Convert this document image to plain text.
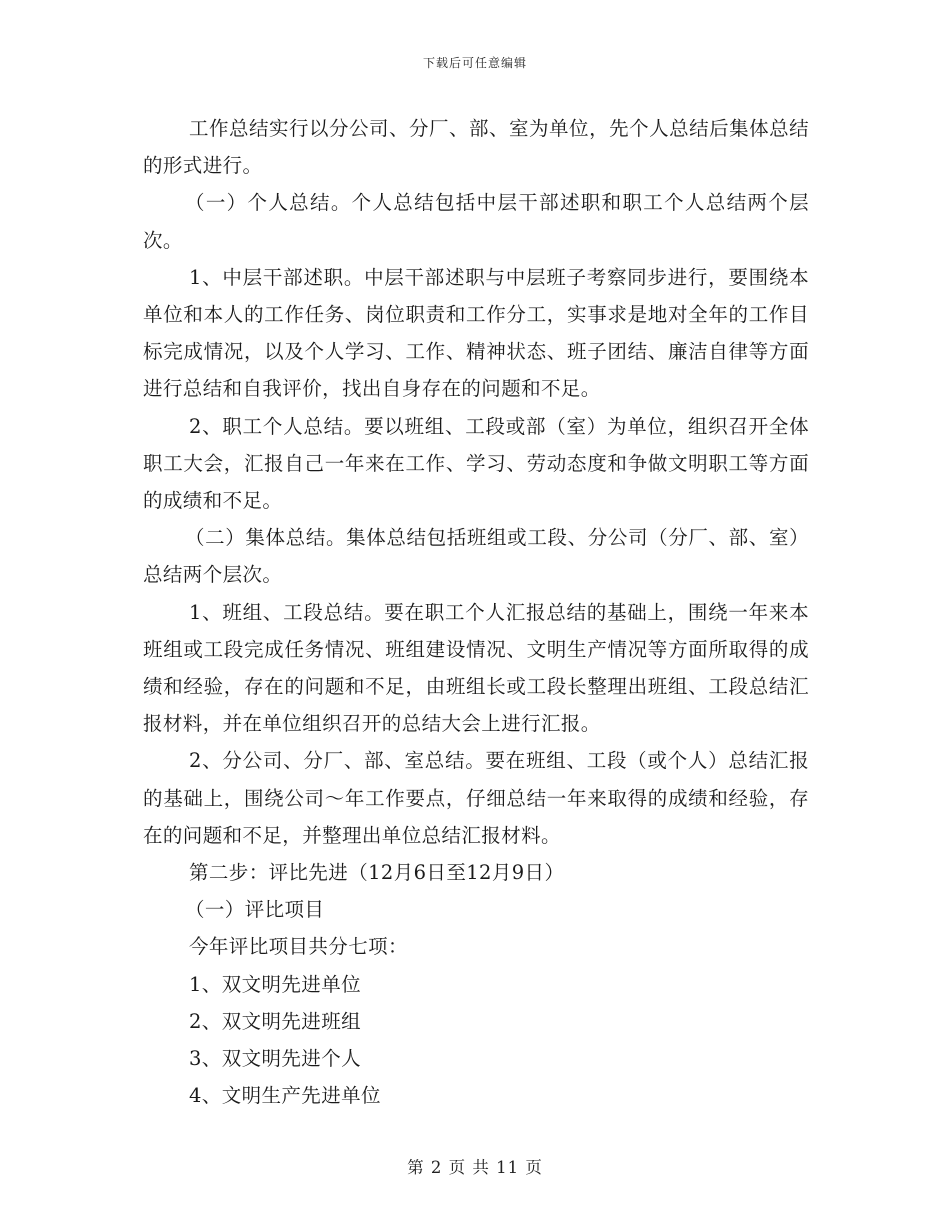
下载后可任意编辑

工作总结实行以分公司、分厂、部、室为单位，先个人总结后集体总结的形式进行。

（一）个人总结。个人总结包括中层干部述职和职工个人总结两个层次。

1、中层干部述职。中层干部述职与中层班子考察同步进行，要围绕本单位和本人的工作任务、岗位职责和工作分工，实事求是地对全年的工作目标完成情况，以及个人学习、工作、精神状态、班子团结、廉洁自律等方面进行总结和自我评价，找出自身存在的问题和不足。

2、职工个人总结。要以班组、工段或部（室）为单位，组织召开全体职工大会，汇报自己一年来在工作、学习、劳动态度和争做文明职工等方面的成绩和不足。

（二）集体总结。集体总结包括班组或工段、分公司（分厂、部、室）总结两个层次。

1、班组、工段总结。要在职工个人汇报总结的基础上，围绕一年来本班组或工段完成任务情况、班组建设情况、文明生产情况等方面所取得的成绩和经验，存在的问题和不足，由班组长或工段长整理出班组、工段总结汇报材料，并在单位组织召开的总结大会上进行汇报。

2、分公司、分厂、部、室总结。要在班组、工段（或个人）总结汇报的基础上，围绕公司～年工作要点，仔细总结一年来取得的成绩和经验，存在的问题和不足，并整理出单位总结汇报材料。

第二步：评比先进（12月6日至12月9日）

（一）评比项目

今年评比项目共分七项：

1、双文明先进单位

2、双文明先进班组

3、双文明先进个人

4、文明生产先进单位

第 2 页 共 11 页
